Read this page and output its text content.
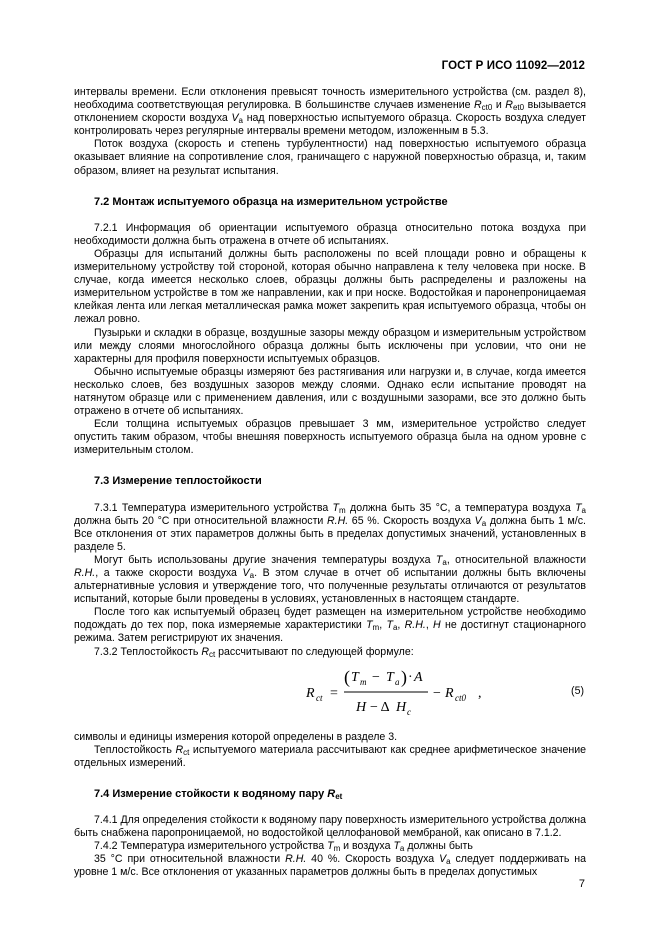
ГОСТ Р ИСО 11092—2012

интервалы времени. Если отклонения превысят точность измерительного устройства (см. раздел 8), необходима соответствующая регулировка. В большинстве случаев изменение $R_{ct0}$ и $R_{et0}$ вызывается отклонением скорости воздуха $V_a$ над поверхностью испытуемого образца. Скорость воздуха следует контролировать через регулярные интервалы времени методом, изложенным в 5.3.

Поток воздуха (скорость и степень турбулентности) над поверхностью испытуемого образца оказывает влияние на сопротивление слоя, граничащего с наружной поверхностью образца, и, таким образом, влияет на результат испытания.

7.2 Монтаж испытуемого образца на измерительном устройстве

7.2.1 Информация об ориентации испытуемого образца относительно потока воздуха при необходимости должна быть отражена в отчете об испытаниях.

Образцы для испытаний должны быть расположены по всей площади ровно и обращены к измерительному устройству той стороной, которая обычно направлена к телу человека при носке. В случае, когда имеется несколько слоев, образцы должны быть распределены и разложены на измерительном устройстве в том же направлении, как и при носке. Водостойкая и паронепроницаемая клейкая лента или легкая металлическая рамка может закрепить края испытуемого образца, чтобы он лежал ровно.

Пузырьки и складки в образце, воздушные зазоры между образцом и измерительным устройством или между слоями многослойного образца должны быть исключены при условии, что они не характерны для профиля поверхности испытуемых образцов.

Обычно испытуемые образцы измеряют без растягивания или нагрузки и, в случае, когда имеется несколько слоев, без воздушных зазоров между слоями. Однако если испытание проводят на натянутом образце или с применением давления, или с воздушными зазорами, все это должно быть отражено в отчете об испытаниях.

Если толщина испытуемых образцов превышает 3 мм, измерительное устройство следует опустить таким образом, чтобы внешняя поверхность испытуемого образца была на одном уровне с измерительным столом.

7.3 Измерение теплостойкости

7.3.1 Температура измерительного устройства $T_m$ должна быть 35 °С, а температура воздуха $T_a$ должна быть 20 °С при относительной влажности R.H. 65 %. Скорость воздуха $V_a$ должна быть 1 м/с. Все отклонения от этих параметров должны быть в пределах допустимых значений, установленных в разделе 5.

Могут быть использованы другие значения температуры воздуха $T_a$, относительной влажности R.H., а также скорости воздуха $V_a$. В этом случае в отчет об испытании должны быть включены альтернативные условия и утверждение того, что полученные результаты отличаются от результатов испытаний, которые были проведены в условиях, установленных в настоящем стандарте.

После того как испытуемый образец будет размещен на измерительном устройстве необходимо подождать до тех пор, пока измеряемые характеристики $T_m$, $T_a$, R.H., H не достигнут стационарного режима. Затем регистрируют их значения.

7.3.2 Теплостойкость $R_{ct}$ рассчитывают по следующей формуле:

R ct =
( T m − T a ) · A
H − Δ H c
− R ct0 ,	(5)

символы и единицы измерения которой определены в разделе 3.

Теплостойкость $R_{ct}$ испытуемого материала рассчитывают как среднее арифметическое значение отдельных измерений.

7.4 Измерение стойкости к водяному пару $R_{et}$

7.4.1 Для определения стойкости к водяному пару поверхность измерительного устройства должна быть снабжена паропроницаемой, но водостойкой целлофановой мембраной, как описано в 7.1.2.

7.4.2 Температура измерительного устройства $T_m$ и воздуха $T_a$ должны быть

35 °С при относительной влажности R.H. 40 %. Скорость воздуха $V_a$ следует поддерживать на уровне 1 м/с. Все отклонения от указанных параметров должны быть в пределах допустимых

7
